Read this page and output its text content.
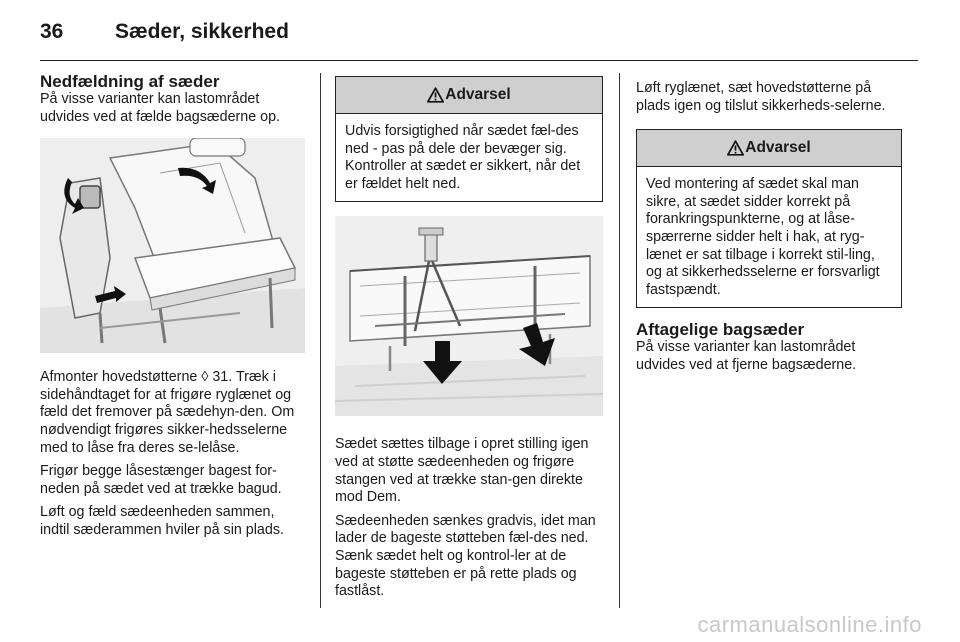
36 Sæder, sikkerhed
Nedfældning af sæder

På visse varianter kan lastområdet udvides ved at fælde bagsæderne op.

Afmonter hovedstøtterne ◊ 31. Træk i sidehåndtaget for at frigøre ryglænet og fæld det fremover på sædehyn-den. Om nødvendigt frigøres sikker-hedsselerne med to låse fra deres se-lelåse.

Frigør begge låsestænger bagest for-neden på sædet ved at trække bagud.

Løft og fæld sædeenheden sammen, indtil sæderammen hviler på sin plads.

Advarsel

Udvis forsigtighed når sædet fæl-des ned - pas på dele der bevæger sig. Kontroller at sædet er sikkert, når det er fældet helt ned.

Sædet sættes tilbage i opret stilling igen ved at støtte sædeenheden og frigøre stangen ved at trække stan-gen direkte mod Dem.

Sædeenheden sænkes gradvis, idet man lader de bageste støtteben fæl-des ned. Sænk sædet helt og kontrol-ler at de bageste støtteben er på rette plads og fastlåst.

Løft ryglænet, sæt hovedstøtterne på plads igen og tilslut sikkerheds-selerne.

Advarsel

Ved montering af sædet skal man sikre, at sædet sidder korrekt på forankringspunkterne, og at låse-spærrerne sidder helt i hak, at ryg-lænet er sat tilbage i korrekt stil-ling, og at sikkerhedsselerne er forsvarligt fastspændt.

Aftagelige bagsæder

På visse varianter kan lastområdet udvides ved at fjerne bagsæderne.

carmanualsonline.info
